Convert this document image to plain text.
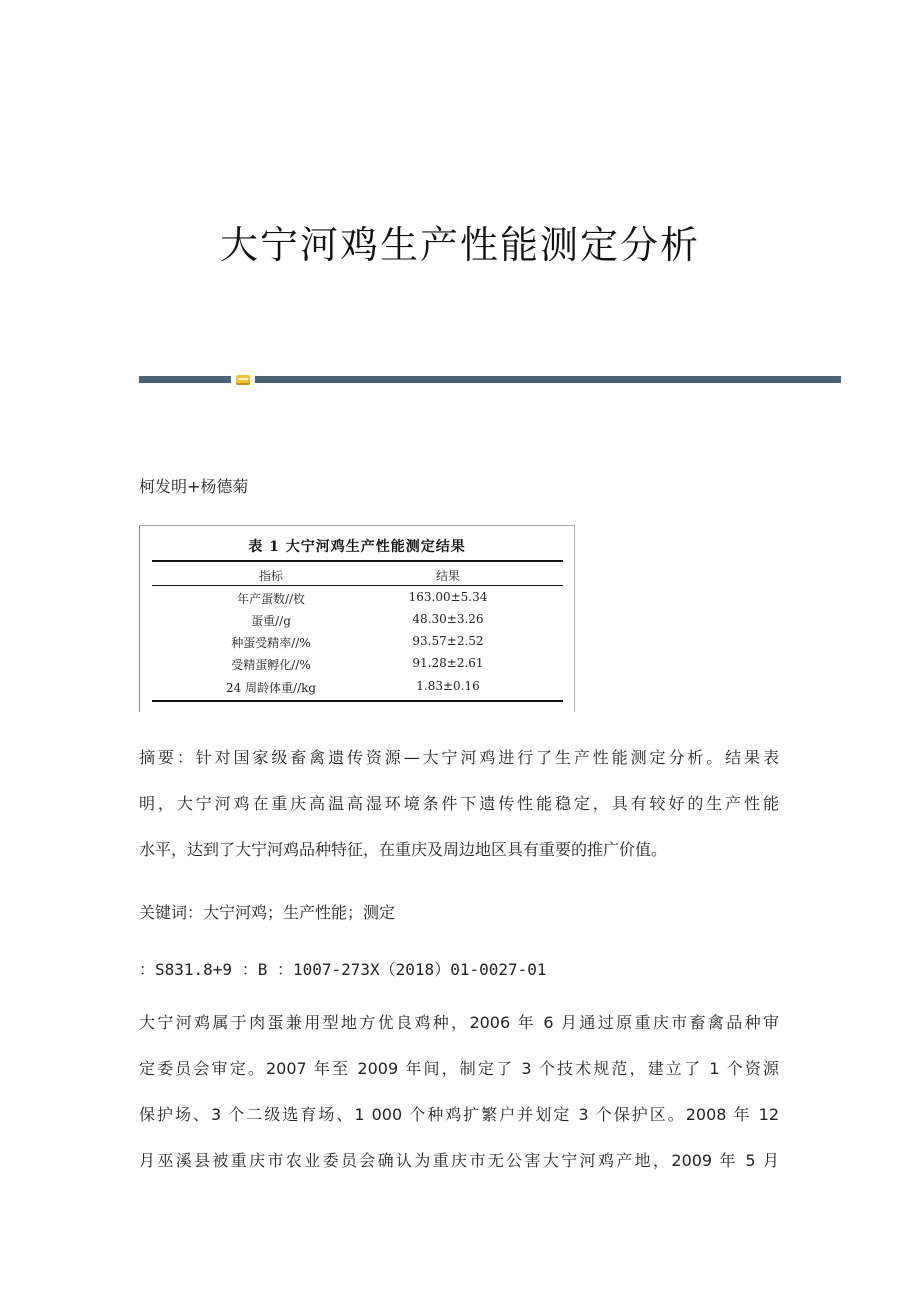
大宁河鸡生产性能测定分析
柯发明+杨德菊
表 1 大宁河鸡生产性能测定结果
指标	结果
年产蛋数//枚	163.00±5.34
蛋重//g	48.30±3.26
种蛋受精率//%	93.57±2.52
受精蛋孵化//%	91.28±2.61
24 周龄体重//kg	1.83±0.16
摘要：针对国家级畜禽遗传资源—大宁河鸡进行了生产性能测定分析。结果表
明，大宁河鸡在重庆高温高湿环境条件下遗传性能稳定，具有较好的生产性能
水平，达到了大宁河鸡品种特征，在重庆及周边地区具有重要的推广价值。
关键词：大宁河鸡；生产性能；测定
：S831.8+9 ：B ：1007-273X（2018）01-0027-01
大宁河鸡属于肉蛋兼用型地方优良鸡种，2006 年 6 月通过原重庆市畜禽品种审
定委员会审定。2007 年至 2009 年间，制定了 3 个技术规范，建立了 1 个资源
保护场、3 个二级选育场、1 000 个种鸡扩繁户并划定 3 个保护区。2008 年 12
月巫溪县被重庆市农业委员会确认为重庆市无公害大宁河鸡产地，2009 年 5 月
